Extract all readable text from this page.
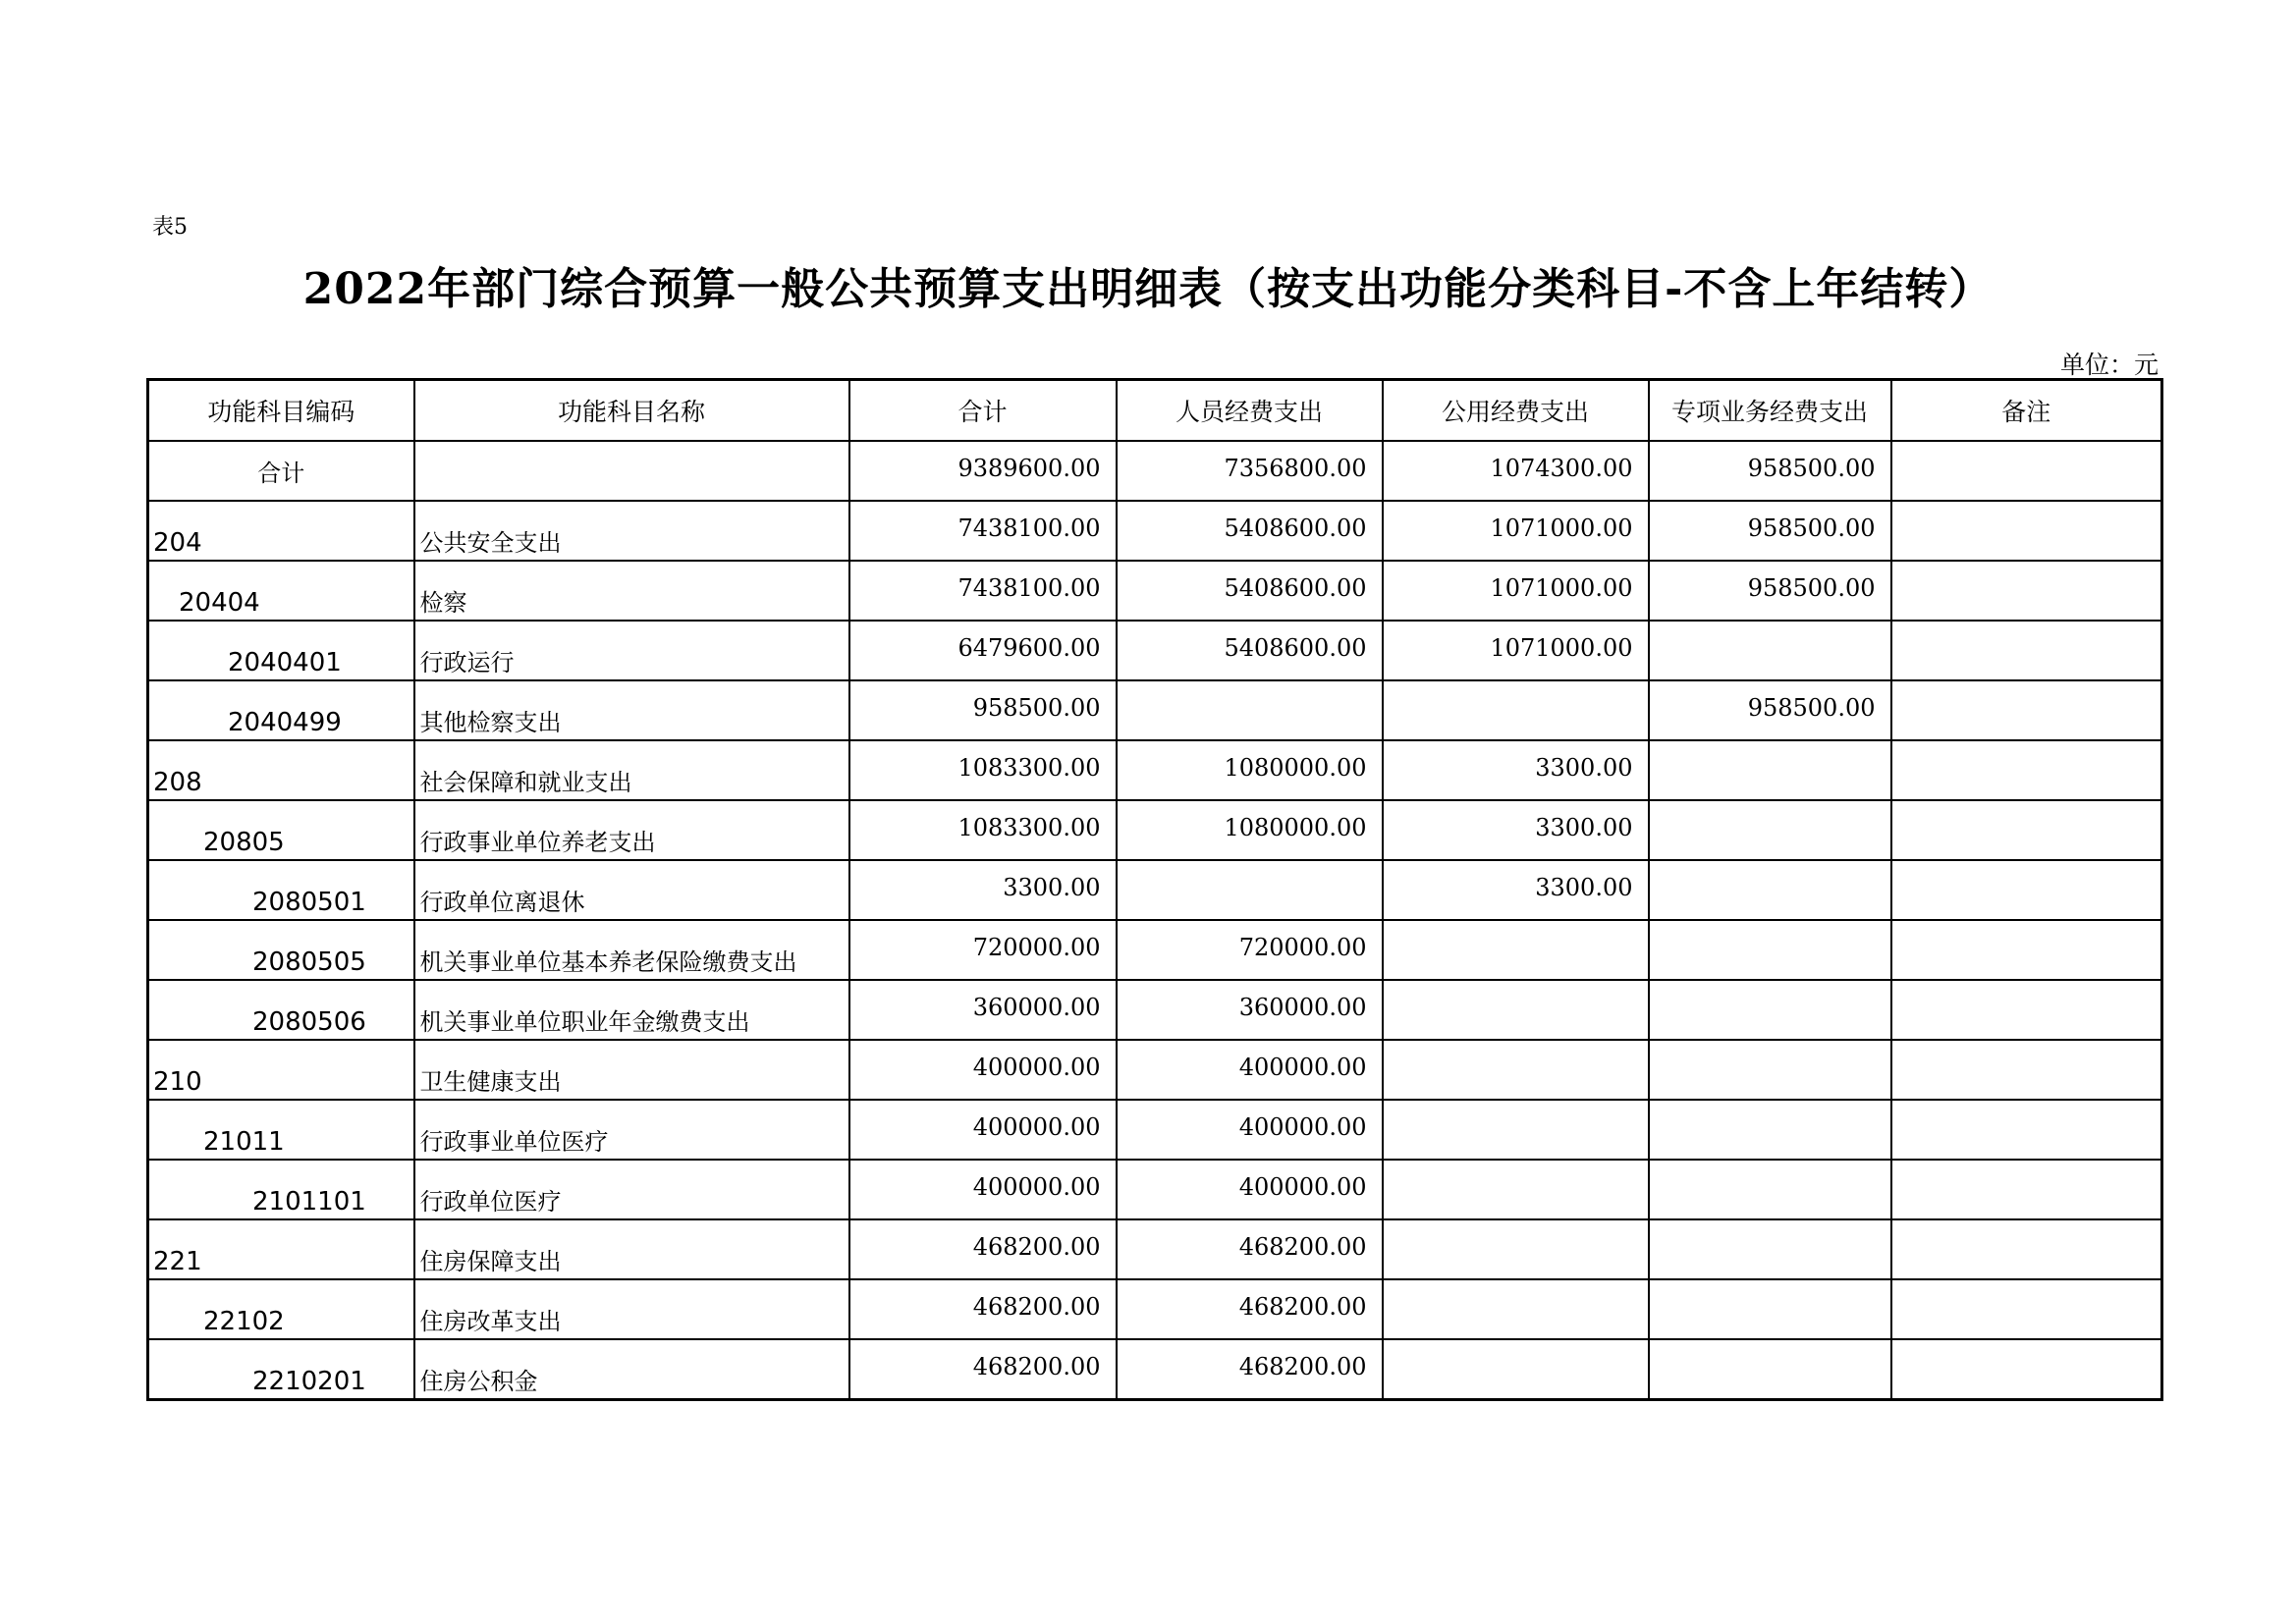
表5
2022年部门综合预算一般公共预算支出明细表（按支出功能分类科目-不含上年结转）
单位：元
功能科目编码	功能科目名称	合计	人员经费支出	公用经费支出	专项业务经费支出	备注
合计		9389600.00	7356800.00	1074300.00	958500.00	
204	公共安全支出	7438100.00	5408600.00	1071000.00	958500.00	
20404	检察	7438100.00	5408600.00	1071000.00	958500.00	
2040401	行政运行	6479600.00	5408600.00	1071000.00		
2040499	其他检察支出	958500.00			958500.00	
208	社会保障和就业支出	1083300.00	1080000.00	3300.00		
20805	行政事业单位养老支出	1083300.00	1080000.00	3300.00		
2080501	行政单位离退休	3300.00		3300.00		
2080505	机关事业单位基本养老保险缴费支出	720000.00	720000.00			
2080506	机关事业单位职业年金缴费支出	360000.00	360000.00			
210	卫生健康支出	400000.00	400000.00			
21011	行政事业单位医疗	400000.00	400000.00			
2101101	行政单位医疗	400000.00	400000.00			
221	住房保障支出	468200.00	468200.00			
22102	住房改革支出	468200.00	468200.00			
2210201	住房公积金	468200.00	468200.00			
